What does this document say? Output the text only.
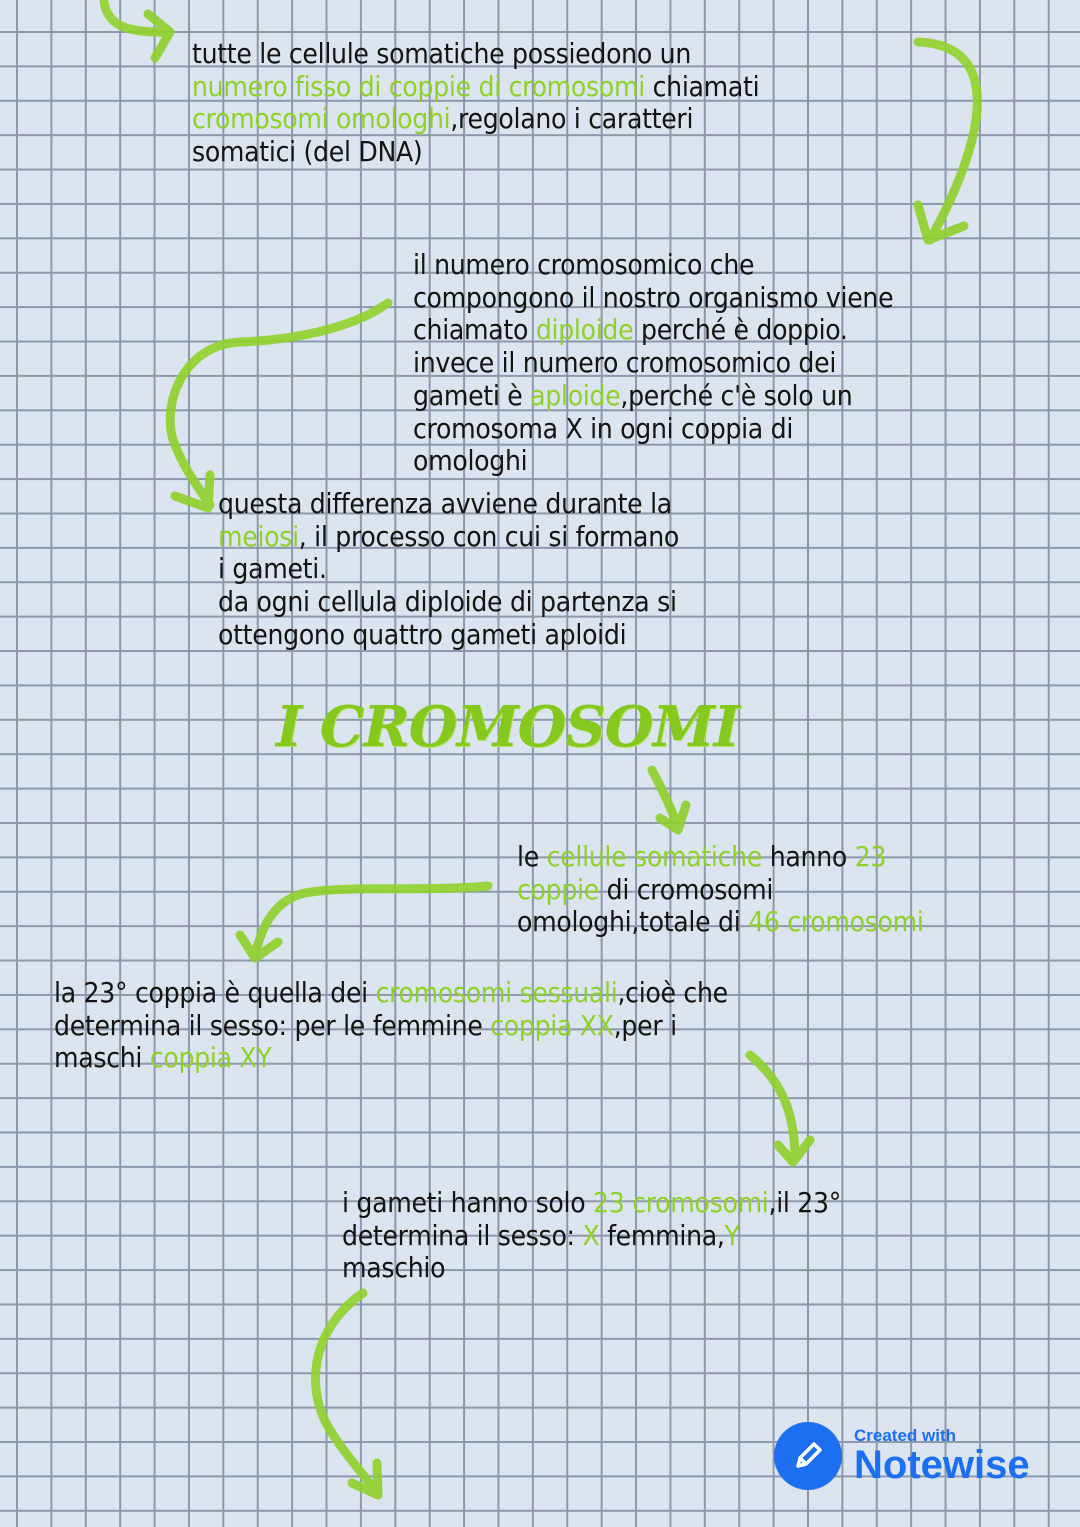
tutte le cellule somatiche possiedono un
numero fisso di coppie di cromosomi chiamati
cromosomi omologhi,regolano i caratteri
somatici (del DNA)
il numero cromosomico che
compongono il nostro organismo viene
chiamato diploide perché è doppio.
invece il numero cromosomico dei
gameti è aploide,perché c'è solo un
cromosoma X in ogni coppia di
omologhi
questa differenza avviene durante la
meiosi, il processo con cui si formano
i gameti.
da ogni cellula diploide di partenza si
ottengono quattro gameti aploidi
I CROMOSOMI
le cellule somatiche hanno 23
coppie di cromosomi
omologhi,totale di 46 cromosomi
la 23° coppia è quella dei cromosomi sessuali,cioè che
determina il sesso: per le femmine coppia XX,per i
maschi coppia XY
i gameti hanno solo 23 cromosomi,il 23°
determina il sesso: X femmina,Y
maschio
Created with
Notewise
